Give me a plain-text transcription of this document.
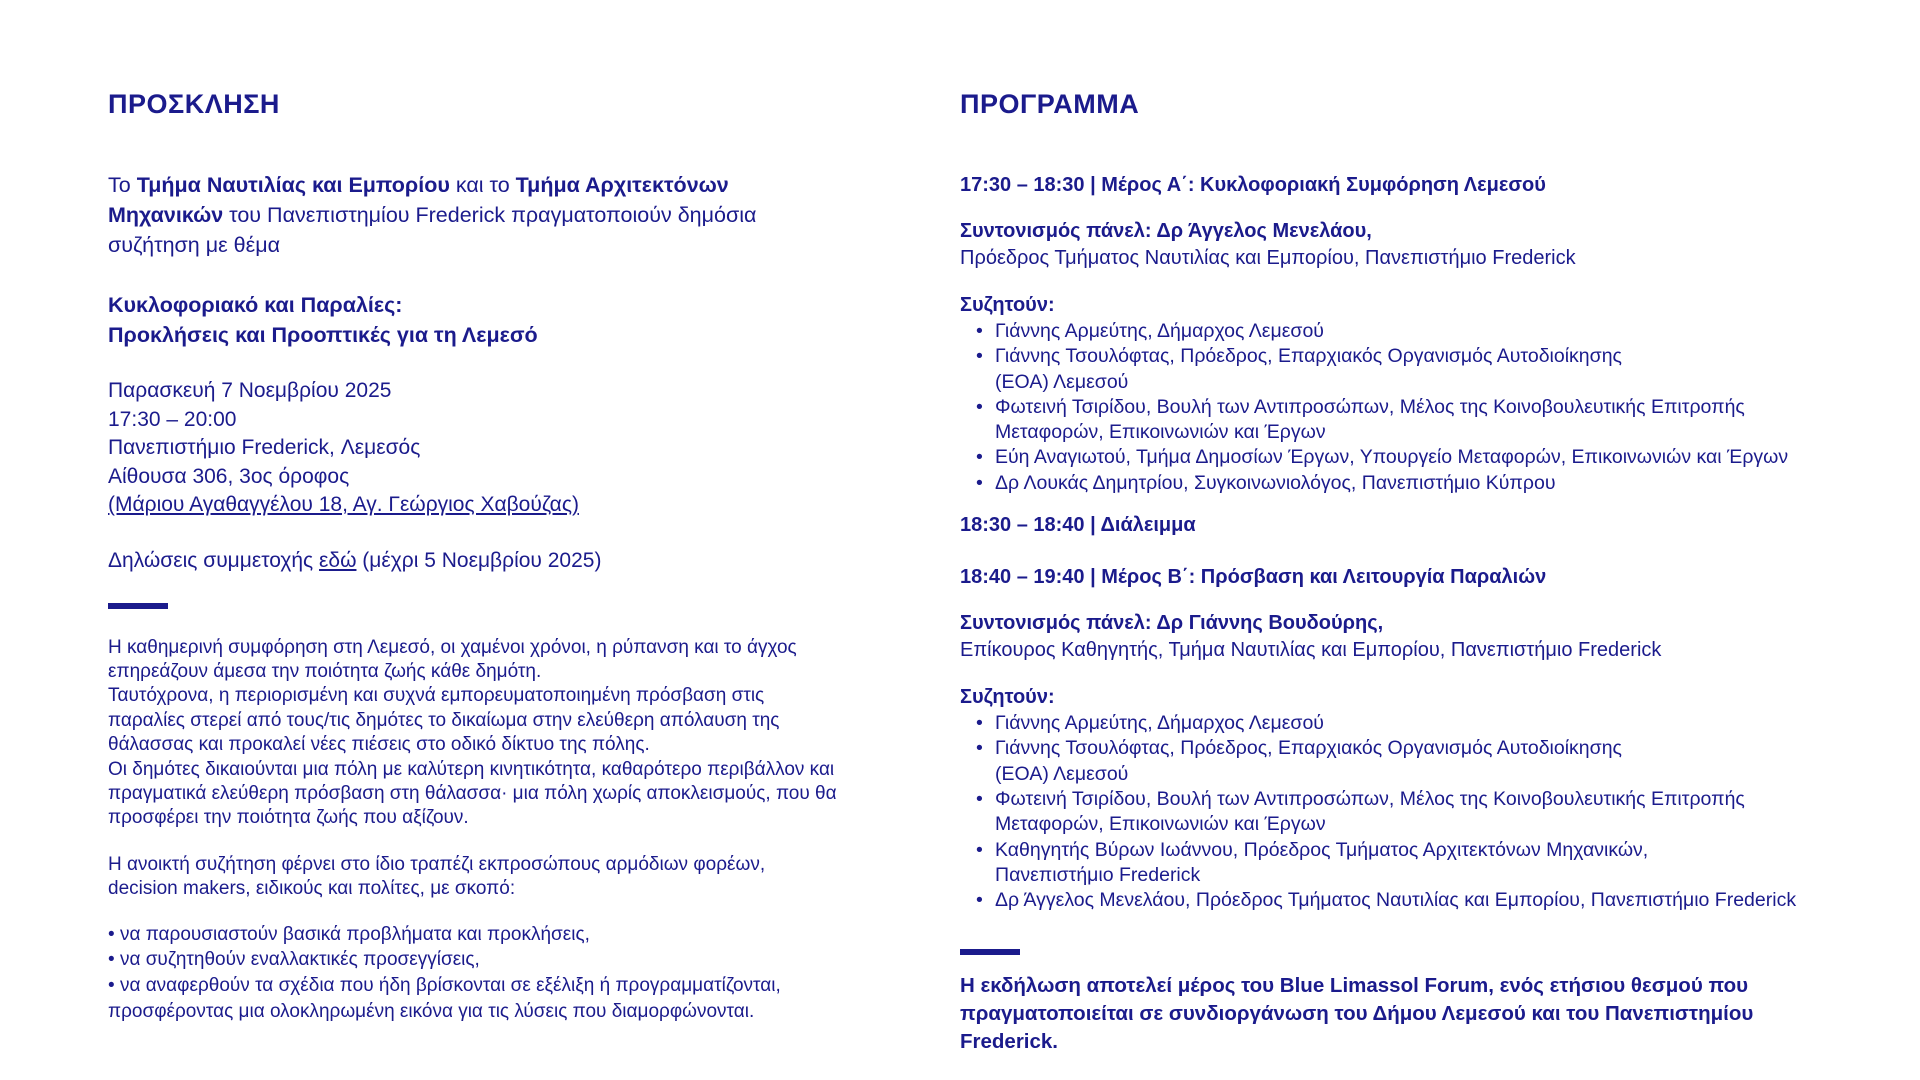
ΠΡΟΣΚΛΗΣΗ

Το Τμήμα Ναυτιλίας και Εμπορίου και το Τμήμα Αρχιτεκτόνων Μηχανικών του Πανεπιστημίου Frederick πραγματοποιούν δημόσια συζήτηση με θέμα

Κυκλοφοριακό και Παραλίες:
Προκλήσεις και Προοπτικές για τη Λεμεσό

Παρασκευή 7 Νοεμβρίου 2025
17:30 – 20:00
Πανεπιστήμιο Frederick, Λεμεσός
Αίθουσα 306, 3ος όροφος
(Μάριου Αγαθαγγέλου 18, Αγ. Γεώργιος Χαβούζας)

Δηλώσεις συμμετοχής εδώ (μέχρι 5 Νοεμβρίου 2025)

Η καθημερινή συμφόρηση στη Λεμεσό, οι χαμένοι χρόνοι, η ρύπανση και το άγχος επηρεάζουν άμεσα την ποιότητα ζωής κάθε δημότη.

Ταυτόχρονα, η περιορισμένη και συχνά εμπορευματοποιημένη πρόσβαση στις παραλίες στερεί από τους/τις δημότες το δικαίωμα στην ελεύθερη απόλαυση της θάλασσας και προκαλεί νέες πιέσεις στο οδικό δίκτυο της πόλης.

Οι δημότες δικαιούνται μια πόλη με καλύτερη κινητικότητα, καθαρότερο περιβάλλον και πραγματικά ελεύθερη πρόσβαση στη θάλασσα· μια πόλη χωρίς αποκλεισμούς, που θα προσφέρει την ποιότητα ζωής που αξίζουν.

Η ανοικτή συζήτηση φέρνει στο ίδιο τραπέζι εκπροσώπους αρμόδιων φορέων, decision makers, ειδικούς και πολίτες, με σκοπό:

• να παρουσιαστούν βασικά προβλήματα και προκλήσεις,
• να συζητηθούν εναλλακτικές προσεγγίσεις,
• να αναφερθούν τα σχέδια που ήδη βρίσκονται σε εξέλιξη ή προγραμματίζονται, προσφέροντας μια ολοκληρωμένη εικόνα για τις λύσεις που διαμορφώνονται.
ΠΡΟΓΡΑΜΜΑ
17:30 – 18:30 | Μέρος Α΄: Κυκλοφοριακή Συμφόρηση Λεμεσού

Συντονισμός πάνελ: Δρ Άγγελος Μενελάου,
Πρόεδρος Τμήματος Ναυτιλίας και Εμπορίου, Πανεπιστήμιο Frederick

Συζητούν:
• Γιάννης Αρμεύτης, Δήμαρχος Λεμεσού
• Γιάννης Τσουλόφτας, Πρόεδρος, Επαρχιακός Οργανισμός Αυτοδιοίκησης
(ΕΟΑ) Λεμεσού
• Φωτεινή Τσιρίδου, Βουλή των Αντιπροσώπων, Μέλος της Κοινοβουλευτικής Επιτροπής
Μεταφορών, Επικοινωνιών και Έργων
• Εύη Αναγιωτού, Τμήμα Δημοσίων Έργων, Υπουργείο Μεταφορών, Επικοινωνιών και Έργων
• Δρ Λουκάς Δημητρίου, Συγκοινωνιολόγος, Πανεπιστήμιο Κύπρου
18:30 – 18:40 | Διάλειμμα
18:40 – 19:40 | Μέρος Β΄: Πρόσβαση και Λειτουργία Παραλιών

Συντονισμός πάνελ: Δρ Γιάννης Βουδούρης,
Επίκουρος Καθηγητής, Τμήμα Ναυτιλίας και Εμπορίου, Πανεπιστήμιο Frederick

Συζητούν:
• Γιάννης Αρμεύτης, Δήμαρχος Λεμεσού
• Γιάννης Τσουλόφτας, Πρόεδρος, Επαρχιακός Οργανισμός Αυτοδιοίκησης
(ΕΟΑ) Λεμεσού
• Φωτεινή Τσιρίδου, Βουλή των Αντιπροσώπων, Μέλος της Κοινοβουλευτικής Επιτροπής
Μεταφορών, Επικοινωνιών και Έργων
• Καθηγητής Βύρων Ιωάννου, Πρόεδρος Τμήματος Αρχιτεκτόνων Μηχανικών,
Πανεπιστήμιο Frederick
• Δρ Άγγελος Μενελάου, Πρόεδρος Τμήματος Ναυτιλίας και Εμπορίου, Πανεπιστήμιο Frederick

Η εκδήλωση αποτελεί μέρος του Blue Limassol Forum, ενός ετήσιου θεσμού που πραγματοποιείται σε συνδιοργάνωση του Δήμου Λεμεσού και του Πανεπιστημίου Frederick.
